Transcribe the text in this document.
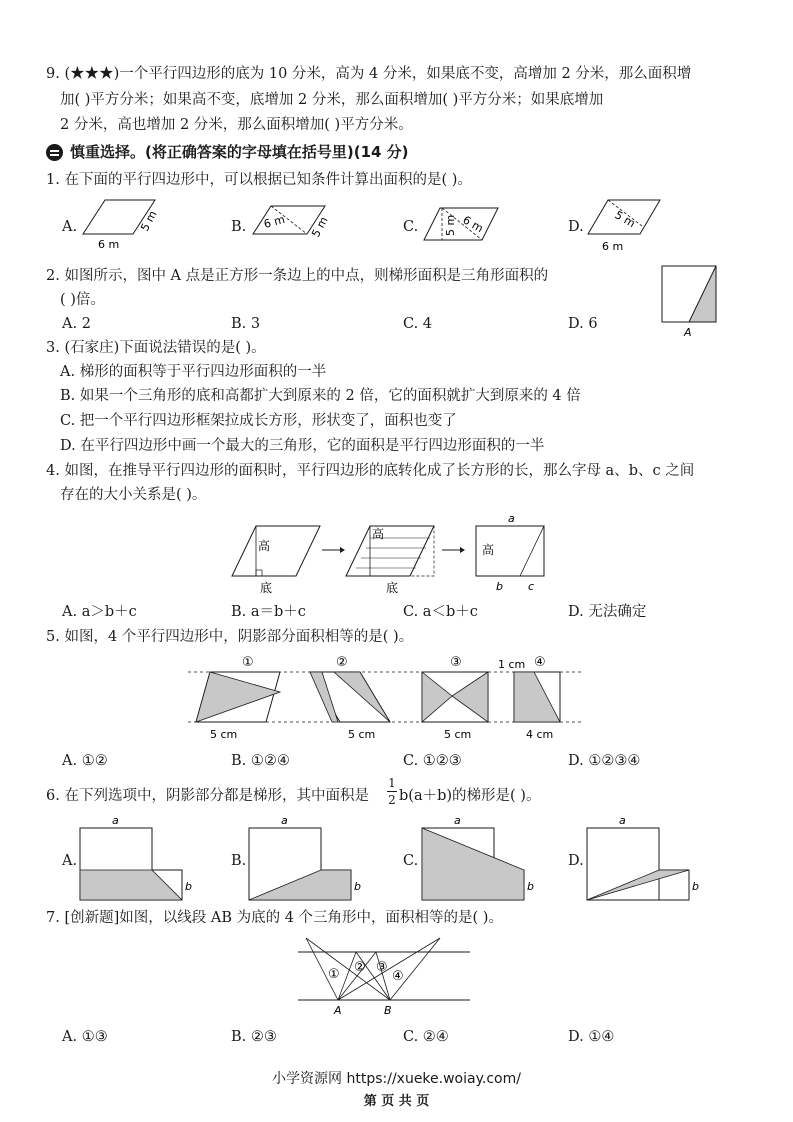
9. (★★★)一个平行四边形的底为 10 分米，高为 4 分米，如果底不变，高增加 2 分米，那么面积增
加( )平方分米；如果高不变，底增加 2 分米，那么面积增加( )平方分米；如果底增加
2 分米，高也增加 2 分米，那么面积增加( )平方分米。
慎重选择。(将正确答案的字母填在括号里)(14 分)
1. 在下面的平行四边形中，可以根据已知条件计算出面积的是( )。
A.	B.	C.	D.
6 m
5 m	6 m 5 m	6 m
5 m	5 m
6 m
2. 如图所示，图中 A 点是正方形一条边上的中点，则梯形面积是三角形面积的
( )倍。
A. 2	B. 3	C. 4	D. 6
A
3. (石家庄)下面说法错误的是( )。
A. 梯形的面积等于平行四边形面积的一半
B. 如果一个三角形的底和高都扩大到原来的 2 倍，它的面积就扩大到原来的 4 倍
C. 把一个平行四边形框架拉成长方形，形状变了，面积也变了
D. 在平行四边形中画一个最大的三角形，它的面积是平行四边形面积的一半
4. 如图，在推导平行四边形的面积时，平行四边形的底转化成了长方形的长，那么字母 a、b、c 之间
存在的大小关系是( )。
高
底
高
底
高
a
b c
A. a＞b＋c	B. a＝b＋c	C. a＜b＋c	D. 无法确定
5. 如图，4 个平行四边形中，阴影部分面积相等的是( )。
①
5 cm
②
5 cm
③
5 cm
1 cm ④
4 cm
A. ①②	B. ①②④	C. ①②③	D. ①②③④
6. 在下列选项中，阴影部分都是梯形，其中面积是
1
2 b(a＋b)的梯形是( )。
A.	B.	C.	D.
a
b
a
b
a
b
a
b
7. [创新题]如图，以线段 AB 为底的 4 个三角形中，面积相等的是( )。
① ② ③
④
A	B
A. ①③	B. ②③	C. ②④	D. ①④
小学资源网 https://xueke.woiay.com/
第 页 共 页
